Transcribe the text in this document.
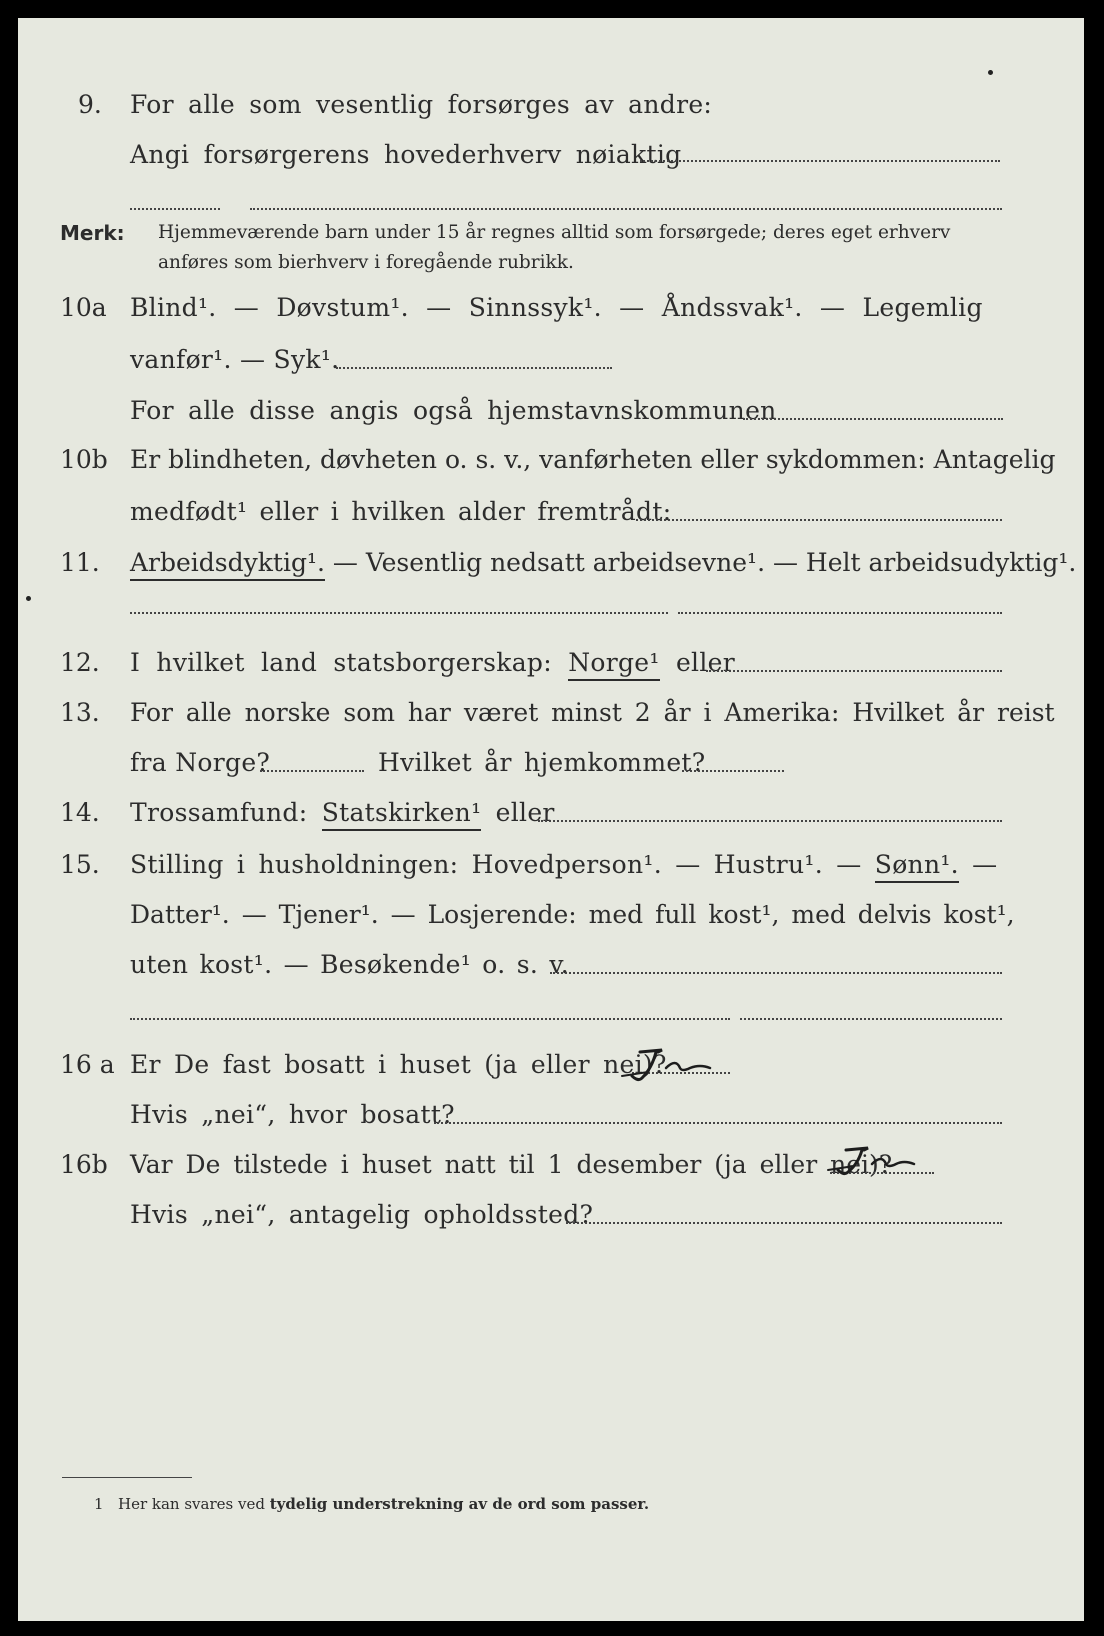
9. For alle som vesentlig forsørges av andre:
Angi forsørgerens hovederhverv nøiaktig
Merk: Hjemmeværende barn under 15 år regnes alltid som forsørgede; deres eget erhverv
anføres som bierhverv i foregående rubrikk.
10a Blind¹. — Døvstum¹. — Sinnssyk¹. — Åndssvak¹. — Legemlig
vanfør¹. — Syk¹.
For alle disse angis også hjemstavnskommunen
10b Er blindheten, døvheten o. s. v., vanførheten eller sykdommen: Antagelig
medfødt¹ eller i hvilken alder fremtrådt:
11. Arbeidsdyktig¹. — Vesentlig nedsatt arbeidsevne¹. — Helt arbeidsudyktig¹.
12. I hvilket land statsborgerskap: Norge¹ eller
13. For alle norske som har været minst 2 år i Amerika: Hvilket år reist
fra Norge?	Hvilket år hjemkommet?
14. Trossamfund: Statskirken¹ eller
15. Stilling i husholdningen: Hovedperson¹. — Hustru¹. — Sønn¹. —
Datter¹. — Tjener¹. — Losjerende: med full kost¹, med delvis kost¹,
uten kost¹. — Besøkende¹ o. s. v.
16 a Er De fast bosatt i huset (ja eller nei)?
Hvis „nei“, hvor bosatt?
16b Var De tilstede i huset natt til 1 desember (ja eller nei)?
Hvis „nei“, antagelig opholdssted?
1 Her kan svares ved tydelig understrekning av de ord som passer.
